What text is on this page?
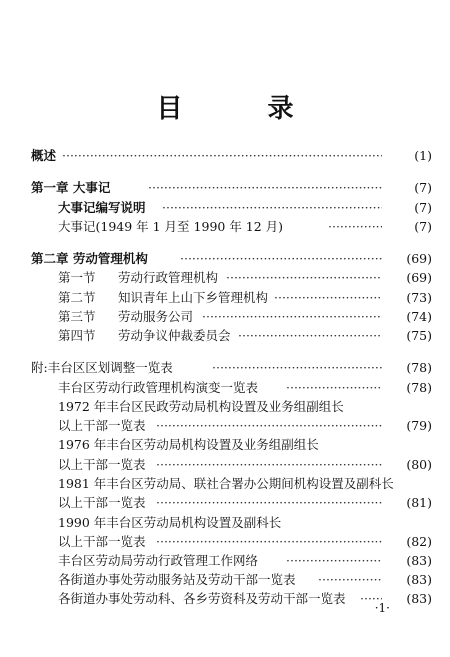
目 录
概述 ·····	(1)
第一章 大事记 ·····	(7)
大事记编写说明 ·····	(7)
大事记(1949 年 1 月至 1990 年 12 月) ·····	(7)
第二章 劳动管理机构 ·····	(69)
第一节 劳动行政管理机构 ·····	(69)
第二节 知识青年上山下乡管理机构 ·····	(73)
第三节 劳动服务公司 ·····	(74)
第四节 劳动争议仲裁委员会 ·····	(75)
附:丰台区区划调整一览表 ·····	(78)
丰台区劳动行政管理机构演变一览表 ·····	(78)
1972 年丰台区民政劳动局机构设置及业务组副组长
以上干部一览表 ·····	(79)
1976 年丰台区劳动局机构设置及业务组副组长
以上干部一览表 ·····	(80)
1981 年丰台区劳动局、联社合署办公期间机构设置及副科长
以上干部一览表 ·····	(81)
1990 年丰台区劳动局机构设置及副科长
以上干部一览表 ·····	(82)
丰台区劳动局劳动行政管理工作网络 ·····	(83)
各街道办事处劳动服务站及劳动干部一览表 ·····	(83)
各街道办事处劳动科、各乡劳资科及劳动干部一览表 ·····	(83)
·1·
